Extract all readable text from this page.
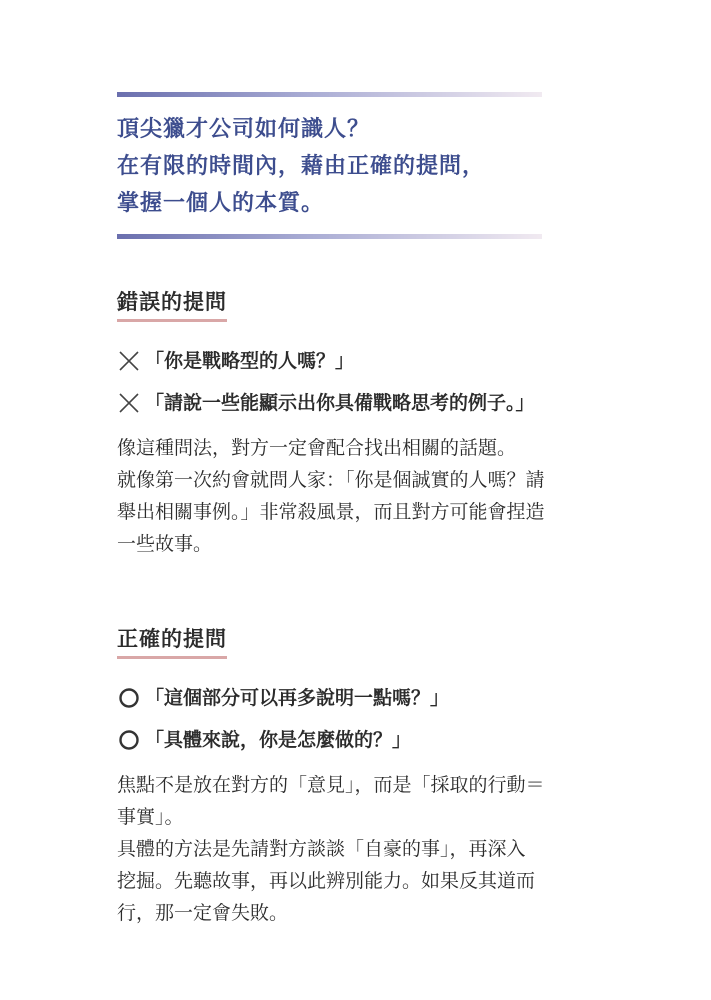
頂尖獵才公司如何識人？
在有限的時間內，藉由正確的提問，
掌握一個人的本質。
錯誤的提問
「你是戰略型的人嗎？」
「請說一些能顯示出你具備戰略思考的例子。」
像這種問法，對方一定會配合找出相關的話題。
就像第一次約會就問人家：「你是個誠實的人嗎？請
舉出相關事例。」非常殺風景，而且對方可能會捏造
一些故事。
正確的提問
「這個部分可以再多說明一點嗎？」
「具體來說，你是怎麼做的？」
焦點不是放在對方的「意見」，而是「採取的行動＝
事實」。
具體的方法是先請對方談談「自豪的事」，再深入
挖掘。先聽故事，再以此辨別能力。如果反其道而
行，那一定會失敗。
